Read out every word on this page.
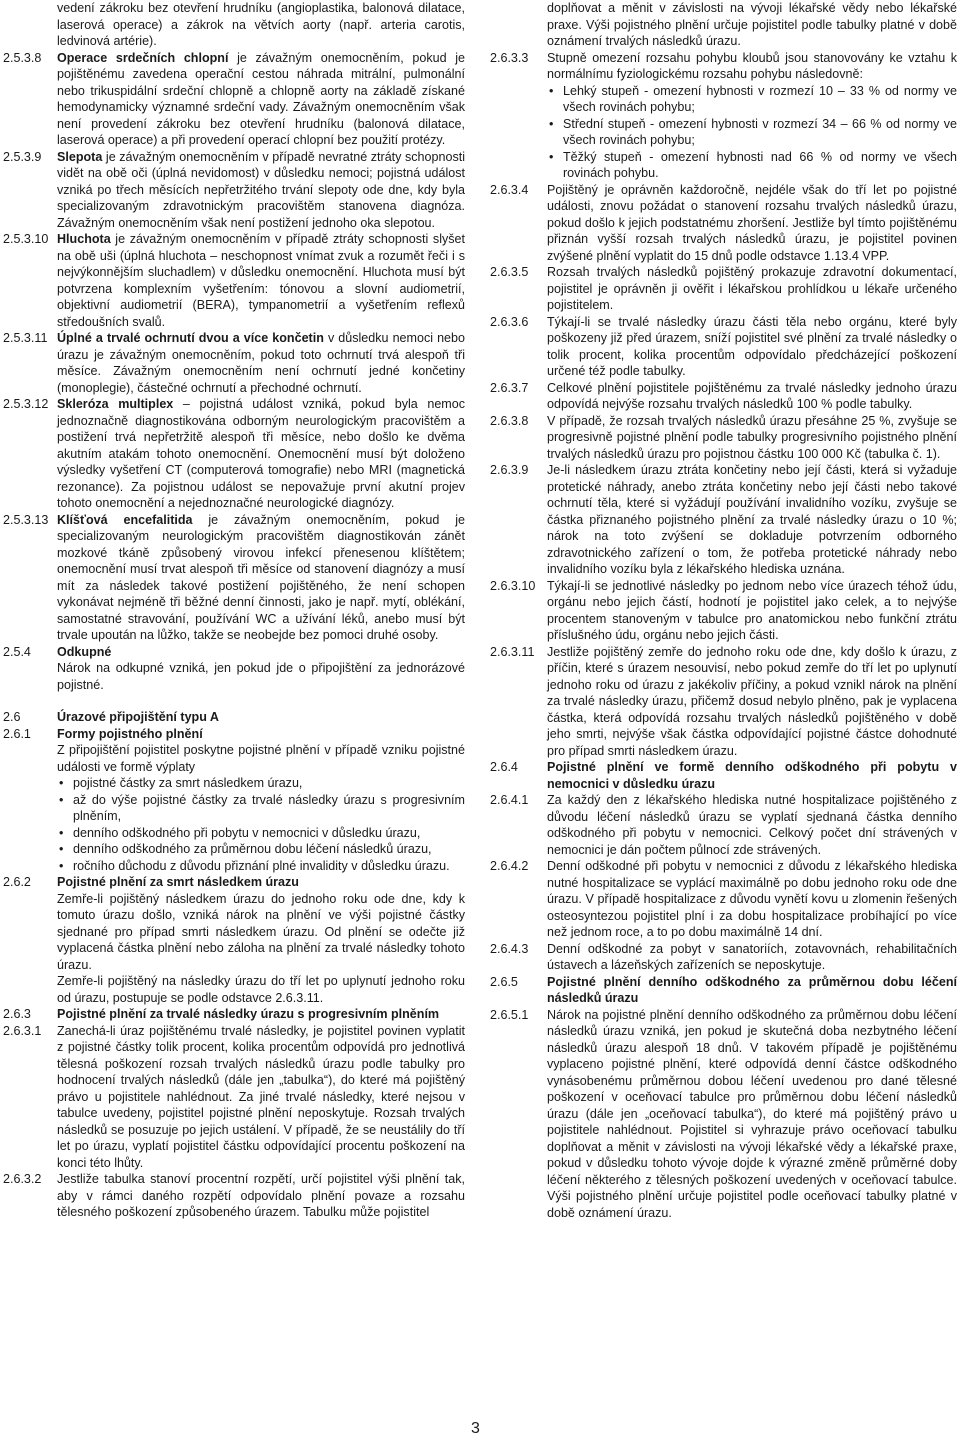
vedení zákroku bez otevření hrudníku (angioplastika, balonová dilatace, laserová operace) a zákrok na větvích aorty (např. arteria carotis, ledvinová artérie).
2.5.3.8	Operace srdečních chlopní je závažným onemocněním, pokud je pojištěnému zavedena operační cestou náhrada mitrální, pulmonální nebo trikuspidální srdeční chlopně a chlopně aorty na základě získané hemodynamicky významné srdeční vady. Závažným onemocněním však není provedení zákroku bez otevření hrudníku (balonová dilatace, laserová operace) a při provedení operací chlopní bez použití protézy.
2.5.3.9	Slepota je závažným onemocněním v případě nevratné ztráty schopnosti vidět na obě oči (úplná nevidomost) v důsledku nemoci; pojistná událost vzniká po třech měsících nepřetržitého trvání slepoty ode dne, kdy byla specializovaným zdravotnickým pracovištěm stanovena diagnóza. Závažným onemocněním však není postižení jednoho oka slepotou.
2.5.3.10 Hluchota je závažným onemocněním v případě ztráty schopnosti slyšet na obě uši (úplná hluchota – neschopnost vnímat zvuk a rozumět řeči i s nejvýkonnějším sluchadlem) v důsledku onemocnění. Hluchota musí být potvrzena komplexním vyšetřením: tónovou a slovní audiometrií, objektivní audiometrií (BERA), tympanometrií a vyšetřením reflexů středoušních svalů.
2.5.3.11 Úplné a trvalé ochrnutí dvou a více končetin v důsledku nemoci nebo úrazu je závažným onemocněním, pokud toto ochrnutí trvá alespoň tři měsíce. Závažným onemocněním není ochrnutí jedné končetiny (monoplegie), částečné ochrnutí a přechodné ochrnutí.
2.5.3.12 Skleróza multiplex – pojistná událost vzniká, pokud byla nemoc jednoznačně diagnostikována odborným neurologickým pracovištěm a postižení trvá nepřetržitě alespoň tři měsíce, nebo došlo ke dvěma akutním atakám tohoto onemocnění. Onemocnění musí být doloženo výsledky vyšetření CT (computerová tomografie) nebo MRI (magnetická rezonance). Za pojistnou událost se nepovažuje první akutní projev tohoto onemocnění a nejednoznačné neurologické diagnózy.
2.5.3.13 Klíšťová encefalitida je závažným onemocněním, pokud je specializovaným neurologickým pracovištěm diagnostikován zánět mozkové tkáně způsobený virovou infekcí přenesenou klíštětem; onemocnění musí trvat alespoň tři měsíce od stanovení diagnózy a musí mít za následek takové postižení pojištěného, že není schopen vykonávat nejméně tři běžné denní činnosti, jako je např. mytí, oblékání, samostatné stravování, používání WC a užívání léků, anebo musí být trvale upoután na lůžko, takže se neobejde bez pomoci druhé osoby.
2.5.4	Odkupné
Nárok na odkupné vzniká, jen pokud jde o připojištění za jednorázové pojistné.
2.6	Úrazové připojištění typu A
2.6.1	Formy pojistného plnění
Z připojištění pojistitel poskytne pojistné plnění v případě vzniku pojistné události ve formě výplaty
• pojistné částky za smrt následkem úrazu,
• až do výše pojistné částky za trvalé následky úrazu s progresivním plněním,
• denního odškodného při pobytu v nemocnici v důsledku úrazu,
• denního odškodného za průměrnou dobu léčení následků úrazu,
• ročního důchodu z důvodu přiznání plné invalidity v důsledku úrazu.
2.6.2	Pojistné plnění za smrt následkem úrazu
Zemře-li pojištěný následkem úrazu do jednoho roku ode dne, kdy k tomuto úrazu došlo, vzniká nárok na plnění ve výši pojistné částky sjednané pro případ smrti následkem úrazu. Od plnění se odečte již vyplacená částka plnění nebo záloha na plnění za trvalé následky tohoto úrazu.
Zemře-li pojištěný na následky úrazu do tří let po uplynutí jednoho roku od úrazu, postupuje se podle odstavce 2.6.3.11.
2.6.3	Pojistné plnění za trvalé následky úrazu s progresivním plněním
2.6.3.1	Zanechá-li úraz pojištěnému trvalé následky, je pojistitel povinen vyplatit z pojistné částky tolik procent, kolika procentům odpovídá pro jednotlivá tělesná poškození rozsah trvalých následků úrazu podle tabulky pro hodnocení trvalých následků (dále jen „tabulka“), do které má pojištěný právo u pojistitele nahlédnout. Za jiné trvalé následky, které nejsou v tabulce uvedeny, pojistitel pojistné plnění neposkytuje. Rozsah trvalých následků se posuzuje po jejich ustálení. V případě, že se neustálily do tří let po úrazu, vyplatí pojistitel částku odpovídající procentu poškození na konci této lhůty.
2.6.3.2	Jestliže tabulka stanoví procentní rozpětí, určí pojistitel výši plnění tak, aby v rámci daného rozpětí odpovídalo plnění povaze a rozsahu tělesného poškození způsobeného úrazem. Tabulku může pojistitel
doplňovat a měnit v závislosti na vývoji lékařské vědy nebo lékařské praxe. Výši pojistného plnění určuje pojistitel podle tabulky platné v době oznámení trvalých následků úrazu.
2.6.3.3	Stupně omezení rozsahu pohybu kloubů jsou stanovovány ke vztahu k normálnímu fyziologickému rozsahu pohybu následovně:
• Lehký stupeň - omezení hybnosti v rozmezí 10 – 33 % od normy ve všech rovinách pohybu;
• Střední stupeň - omezení hybnosti v rozmezí 34 – 66 % od normy ve všech rovinách pohybu;
• Těžký stupeň - omezení hybnosti nad 66 % od normy ve všech rovinách pohybu.
2.6.3.4	Pojištěný je oprávněn každoročně, nejdéle však do tří let po pojistné události, znovu požádat o stanovení rozsahu trvalých následků úrazu, pokud došlo k jejich podstatnému zhoršení. Jestliže byl tímto pojištěnému přiznán vyšší rozsah trvalých následků úrazu, je pojistitel povinen zvýšené plnění vyplatit do 15 dnů podle odstavce 1.13.4 VPP.
2.6.3.5	Rozsah trvalých následků pojištěný prokazuje zdravotní dokumentací, pojistitel je oprávněn ji ověřit i lékařskou prohlídkou u lékaře určeného pojistitelem.
2.6.3.6	Týkají-li se trvalé následky úrazu části těla nebo orgánu, které byly poškozeny již před úrazem, sníží pojistitel své plnění za trvalé následky o tolik procent, kolika procentům odpovídalo předcházející poškození určené též podle tabulky.
2.6.3.7	Celkové plnění pojistitele pojištěnému za trvalé následky jednoho úrazu odpovídá nejvýše rozsahu trvalých následků 100 % podle tabulky.
2.6.3.8	V případě, že rozsah trvalých následků úrazu přesáhne 25 %, zvyšuje se progresivně pojistné plnění podle tabulky progresivního pojistného plnění trvalých následků úrazu pro pojistnou částku 100 000 Kč (tabulka č. 1).
2.6.3.9	Je-li následkem úrazu ztráta končetiny nebo její části, která si vyžaduje protetické náhrady, anebo ztráta končetiny nebo její části nebo takové ochrnutí těla, které si vyžádují používání invalidního vozíku, zvyšuje se částka přiznaného pojistného plnění za trvalé následky úrazu o 10 %; nárok na toto zvýšení se dokladuje potvrzením odborného zdravotnického zařízení o tom, že potřeba protetické náhrady nebo invalidního vozíku byla z lékařského hlediska uznána.
2.6.3.10 Týkají-li se jednotlivé následky po jednom nebo více úrazech téhož údu, orgánu nebo jejich částí, hodnotí je pojistitel jako celek, a to nejvýše procentem stanoveným v tabulce pro anatomickou nebo funkční ztrátu příslušného údu, orgánu nebo jejich části.
2.6.3.11	Jestliže pojištěný zemře do jednoho roku ode dne, kdy došlo k úrazu, z příčin, které s úrazem nesouvisí, nebo pokud zemře do tří let po uplynutí jednoho roku od úrazu z jakékoliv příčiny, a pokud vznikl nárok na plnění za trvalé následky úrazu, přičemž dosud nebylo plněno, pak je vyplacena částka, která odpovídá rozsahu trvalých následků pojištěného v době jeho smrti, nejvýše však částka odpovídající pojistné částce dohodnuté pro případ smrti následkem úrazu.
2.6.4	Pojistné plnění ve formě denního odškodného při pobytu v nemocnici v důsledku úrazu
2.6.4.1	Za každý den z lékařského hlediska nutné hospitalizace pojištěného z důvodu léčení následků úrazu se vyplatí sjednaná částka denního odškodného při pobytu v nemocnici. Celkový počet dní strávených v nemocnici je dán počtem půlnocí zde strávených.
2.6.4.2	Denní odškodné při pobytu v nemocnici z důvodu z lékařského hlediska nutné hospitalizace se vyplácí maximálně po dobu jednoho roku ode dne úrazu. V případě hospitalizace z důvodu vynětí kovu u zlomenin řešených osteosyntezou pojistitel plní i za dobu hospitalizace probíhající po více než jednom roce, a to po dobu maximálně 14 dní.
2.6.4.3	Denní odškodné za pobyt v sanatoriích, zotavovnách, rehabilitačních ústavech a lázeňských zařízeních se neposkytuje.
2.6.5	Pojistné plnění denního odškodného za průměrnou dobu léčení následků úrazu
2.6.5.1	Nárok na pojistné plnění denního odškodného za průměrnou dobu léčení následků úrazu vzniká, jen pokud je skutečná doba nezbytného léčení následků úrazu alespoň 18 dnů. V takovém případě je pojištěnému vyplaceno pojistné plnění, které odpovídá denní částce odškodného vynásobenému průměrnou dobou léčení uvedenou pro dané tělesné poškození v oceňovací tabulce pro průměrnou dobu léčení následků úrazu (dále jen „oceňovací tabulka“), do které má pojištěný právo u pojistitele nahlédnout. Pojistitel si vyhrazuje právo oceňovací tabulku doplňovat a měnit v závislosti na vývoji lékařské vědy a lékařské praxe, pokud v důsledku tohoto vývoje dojde k výrazné změně průměrné doby léčení některého z tělesných poškození uvedených v oceňovací tabulce. Výši pojistného plnění určuje pojistitel podle oceňovací tabulky platné v době oznámení úrazu.
3
